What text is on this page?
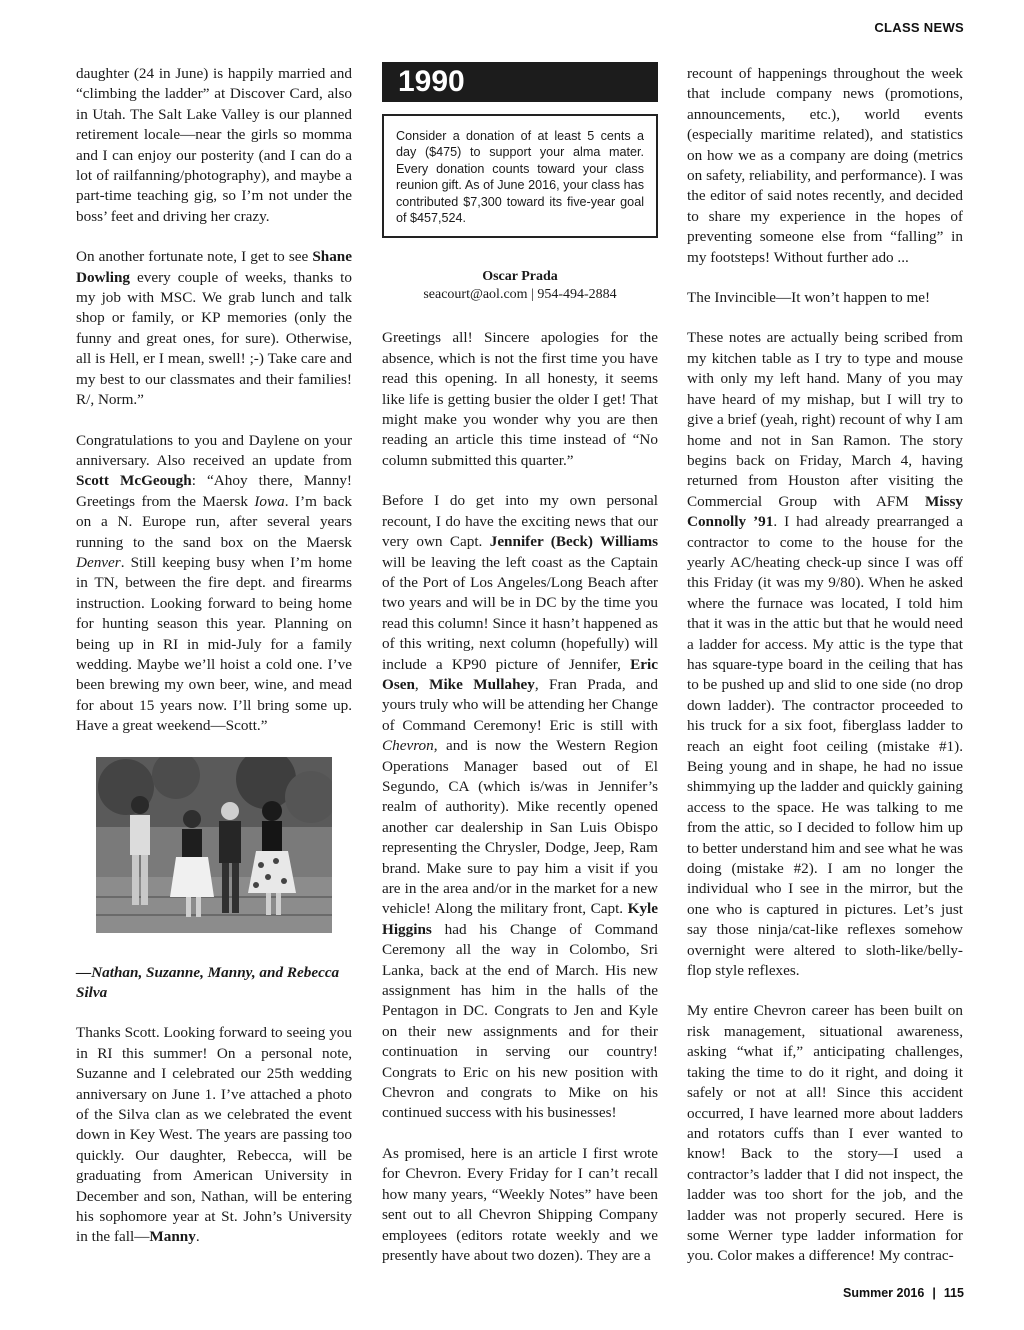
CLASS NEWS

daughter (24 in June) is happily married and “climbing the ladder” at Discover Card, also in Utah. The Salt Lake Valley is our planned retirement locale—near the girls so momma and I can enjoy our posterity (and I can do a lot of railfanning/photography), and maybe a part-time teaching gig, so I’m not under the boss’ feet and driving her crazy.

On another fortunate note, I get to see Shane Dowling every couple of weeks, thanks to my job with MSC. We grab lunch and talk shop or family, or KP memories (only the funny and great ones, for sure). Otherwise, all is Hell, er I mean, swell! ;-) Take care and my best to our classmates and their families! R/, Norm.”

Congratulations to you and Daylene on your anniversary. Also received an update from Scott McGeough: “Ahoy there, Manny! Greetings from the Maersk Iowa. I’m back on a N. Europe run, after several years running to the sand box on the Maersk Denver. Still keeping busy when I’m home in TN, between the fire dept. and firearms instruction. Looking forward to being home for hunting season this year. Planning on being up in RI in mid-July for a family wedding. Maybe we’ll hoist a cold one. I’ve been brewing my own beer, wine, and mead for about 15 years now. I’ll bring some up. Have a great weekend—Scott.”

—Nathan, Suzanne, Manny, and Rebecca Silva

Thanks Scott. Looking forward to seeing you in RI this summer! On a personal note, Suzanne and I celebrated our 25th wedding anniversary on June 1. I’ve attached a photo of the Silva clan as we celebrated the event down in Key West. The years are passing too quickly. Our daughter, Rebecca, will be graduating from American University in December and son, Nathan, will be entering his sophomore year at St. John’s University in the fall—Manny.

1990
Consider a donation of at least 5 cents a day ($475) to support your alma mater. Every donation counts toward your class reunion gift. As of June 2016, your class has contributed $7,300 toward its five-year goal of $457,524.
Oscar Prada
seacourt@aol.com | 954-494-2884

Greetings all! Sincere apologies for the absence, which is not the first time you have read this opening. In all honesty, it seems like life is getting busier the older I get! That might make you wonder why you are then reading an article this time instead of “No column submitted this quarter.”

Before I do get into my own personal recount, I do have the exciting news that our very own Capt. Jennifer (Beck) Williams will be leaving the left coast as the Captain of the Port of Los Angeles/Long Beach after two years and will be in DC by the time you read this column! Since it hasn’t happened as of this writing, next column (hopefully) will include a KP90 picture of Jennifer, Eric Osen, Mike Mullahey, Fran Prada, and yours truly who will be attending her Change of Command Ceremony! Eric is still with Chevron, and is now the Western Region Operations Manager based out of El Segundo, CA (which is/was in Jennifer’s realm of authority). Mike recently opened another car dealership in San Luis Obispo representing the Chrysler, Dodge, Jeep, Ram brand. Make sure to pay him a visit if you are in the area and/or in the market for a new vehicle! Along the military front, Capt. Kyle Higgins had his Change of Command Ceremony all the way in Colombo, Sri Lanka, back at the end of March. His new assignment has him in the halls of the Pentagon in DC. Congrats to Jen and Kyle on their new assignments and for their continuation in serving our country! Congrats to Eric on his new position with Chevron and congrats to Mike on his continued success with his businesses!

As promised, here is an article I first wrote for Chevron. Every Friday for I can’t recall how many years, “Weekly Notes” have been sent out to all Chevron Shipping Company employees (editors rotate weekly and we presently have about two dozen). They are a

recount of happenings throughout the week that include company news (promotions, announcements, etc.), world events (especially maritime related), and statistics on how we as a company are doing (metrics on safety, reliability, and performance). I was the editor of said notes recently, and decided to share my experience in the hopes of preventing someone else from “falling” in my footsteps! Without further ado ...

The Invincible—It won’t happen to me!

These notes are actually being scribed from my kitchen table as I try to type and mouse with only my left hand. Many of you may have heard of my mishap, but I will try to give a brief (yeah, right) recount of why I am home and not in San Ramon. The story begins back on Friday, March 4, having returned from Houston after visiting the Commercial Group with AFM Missy Connolly ’91. I had already prearranged a contractor to come to the house for the yearly AC/heating check-up since I was off this Friday (it was my 9/80). When he asked where the furnace was located, I told him that it was in the attic but that he would need a ladder for access. My attic is the type that has square-type board in the ceiling that has to be pushed up and slid to one side (no drop down ladder). The contractor proceeded to his truck for a six foot, fiberglass ladder to reach an eight foot ceiling (mistake #1). Being young and in shape, he had no issue shimmying up the ladder and quickly gaining access to the space. He was talking to me from the attic, so I decided to follow him up to better understand him and see what he was doing (mistake #2). I am no longer the individual who I see in the mirror, but the one who is captured in pictures. Let’s just say those ninja/cat-like reflexes somehow overnight were altered to sloth-like/belly-flop style reflexes.

My entire Chevron career has been built on risk management, situational awareness, asking “what if,” anticipating challenges, taking the time to do it right, and doing it safely or not at all! Since this accident occurred, I have learned more about ladders and rotators cuffs than I ever wanted to know! Back to the story—I used a contractor’s ladder that I did not inspect, the ladder was too short for the job, and the ladder was not properly secured. Here is some Werner type ladder information for you. Color makes a difference! My contrac-

Summer 2016 | 115
